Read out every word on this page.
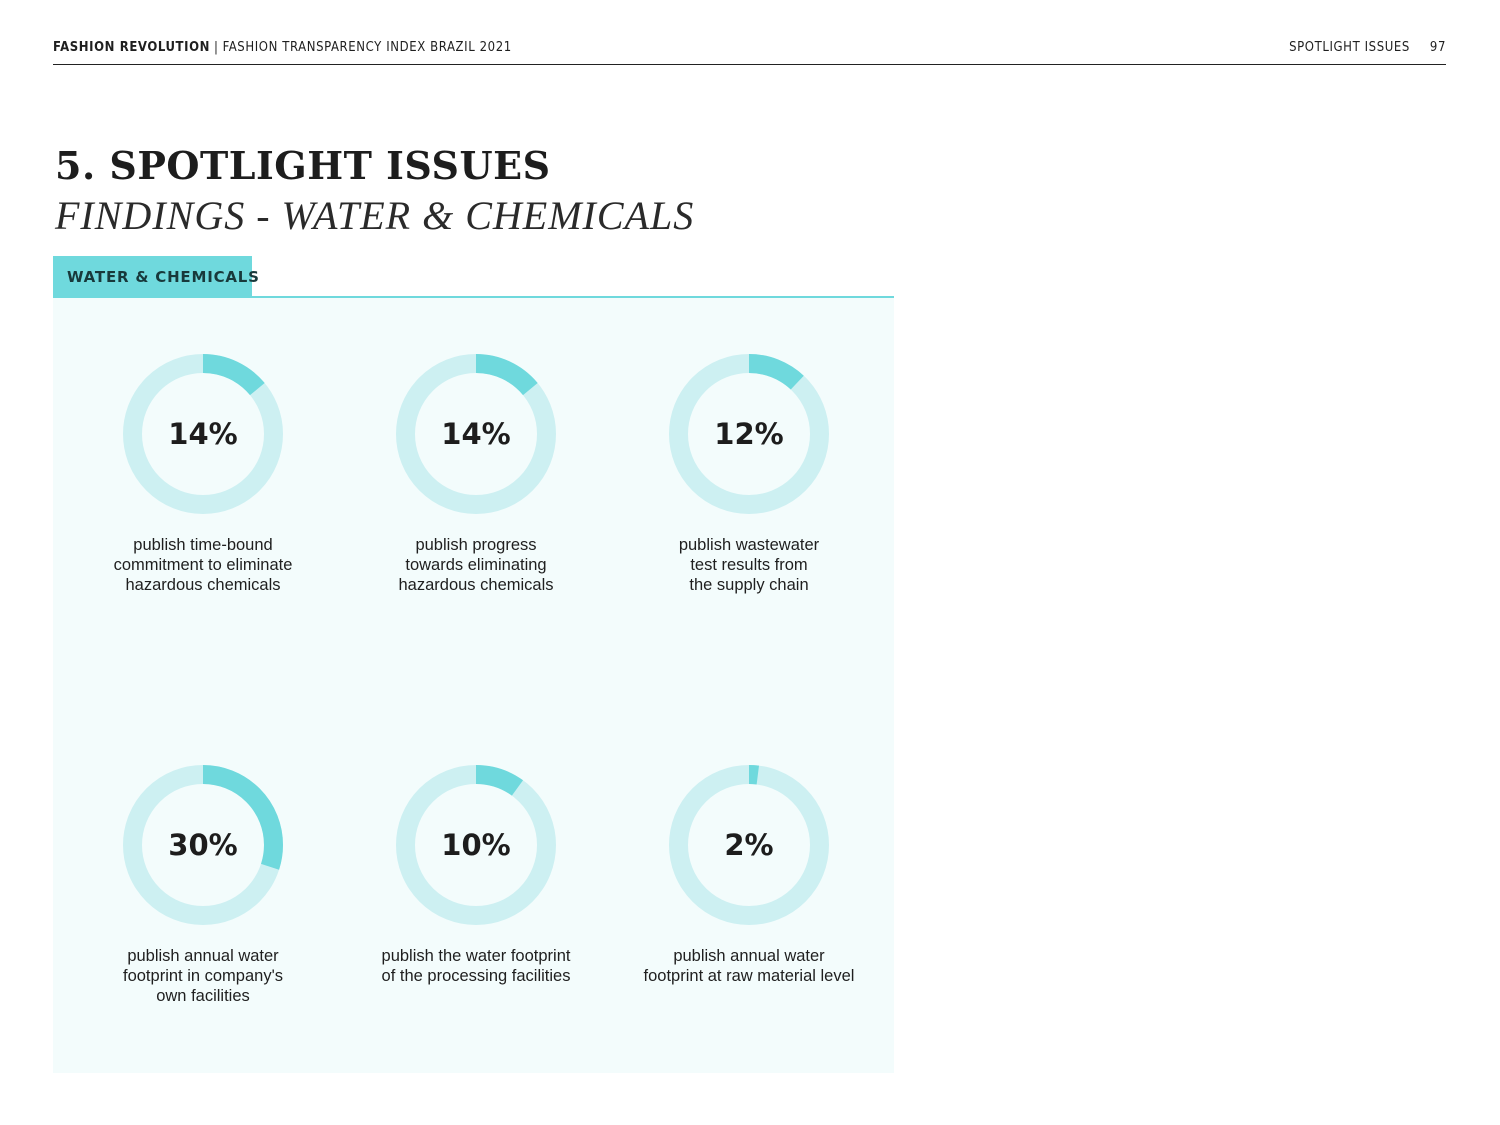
FASHION REVOLUTION | FASHION TRANSPARENCY INDEX BRAZIL 2021	SPOTLIGHT ISSUES 97
5. SPOTLIGHT ISSUES
FINDINGS - WATER & CHEMICALS
WATER & CHEMICALS
14%
publish time-bound
commitment to eliminate
hazardous chemicals
14%
publish progress
towards eliminating
hazardous chemicals
12%
publish wastewater
test results from
the supply chain
30%
publish annual water
footprint in company's
own facilities
10%
publish the water footprint
of the processing facilities
2%
publish annual water
footprint at raw material level
